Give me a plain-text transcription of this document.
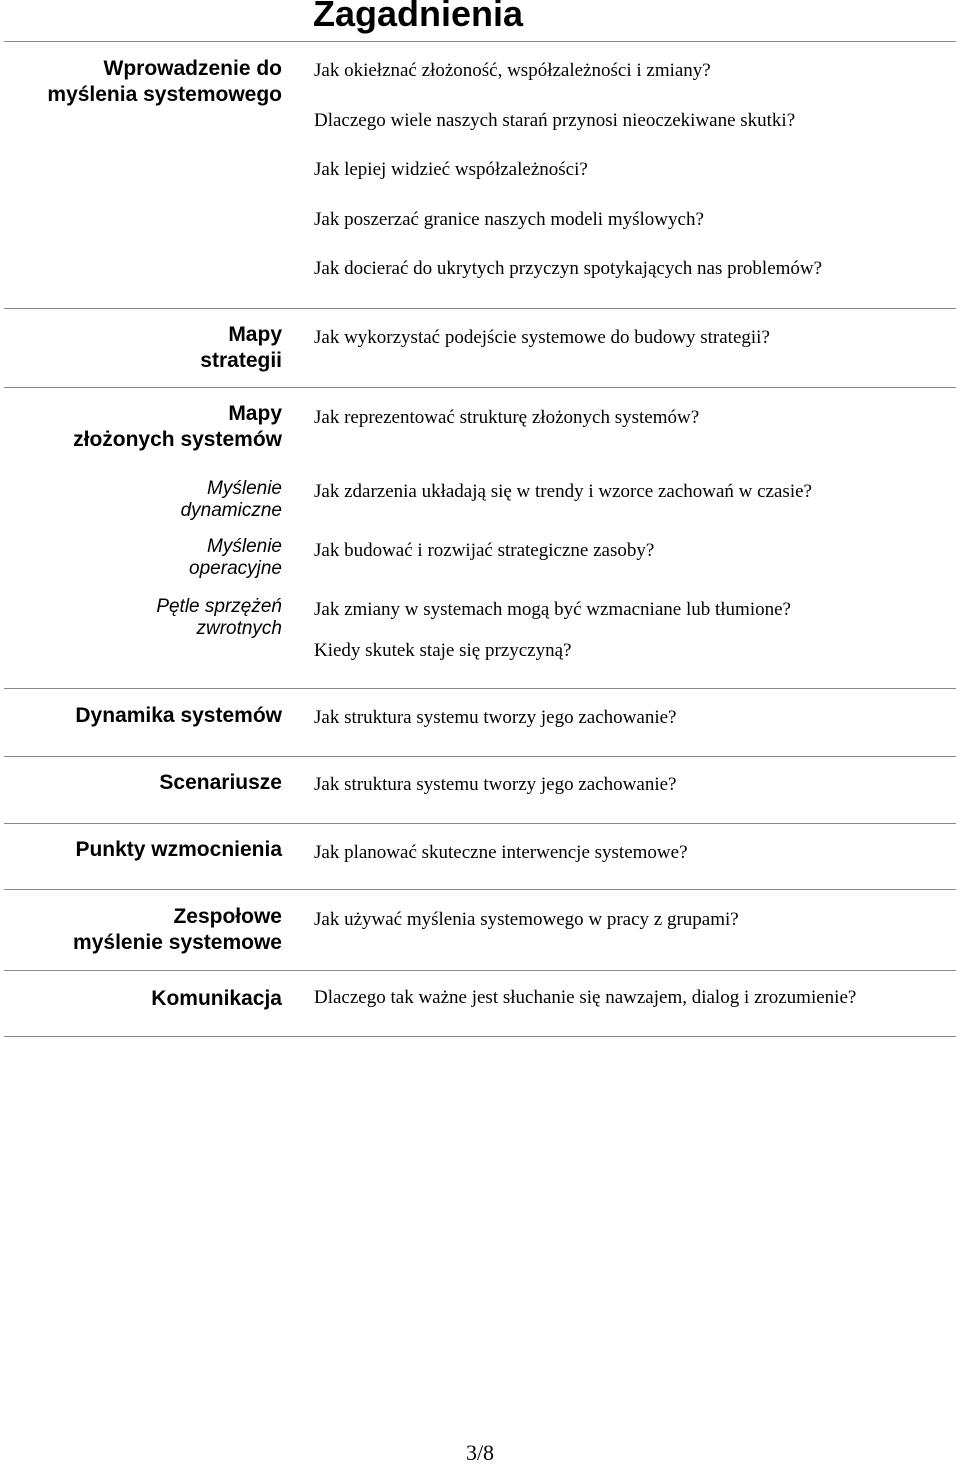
Zagadnienia
Wprowadzenie do
myślenia systemowego
Jak okiełznać złożoność, współzależności i zmiany?
Dlaczego wiele naszych starań przynosi nieoczekiwane skutki?
Jak lepiej widzieć współzależności?
Jak poszerzać granice naszych modeli myślowych?
Jak docierać do ukrytych przyczyn spotykających nas problemów?
Mapy
strategii
Jak wykorzystać podejście systemowe do budowy strategii?
Mapy
złożonych systemów
Jak reprezentować strukturę złożonych systemów?
Myślenie
dynamiczne
Jak zdarzenia układają się w trendy i wzorce zachowań w czasie?
Myślenie
operacyjne
Jak budować i rozwijać strategiczne zasoby?
Pętle sprzężeń
zwrotnych
Jak zmiany w systemach mogą być wzmacniane lub tłumione?
Kiedy skutek staje się przyczyną?
Dynamika systemów Jak struktura systemu tworzy jego zachowanie?
Scenariusze Jak struktura systemu tworzy jego zachowanie?
Punkty wzmocnienia Jak planować skuteczne interwencje systemowe?
Zespołowe
myślenie systemowe
Jak używać myślenia systemowego w pracy z grupami?
Komunikacja Dlaczego tak ważne jest słuchanie się nawzajem, dialog i zrozumienie?
3/8
